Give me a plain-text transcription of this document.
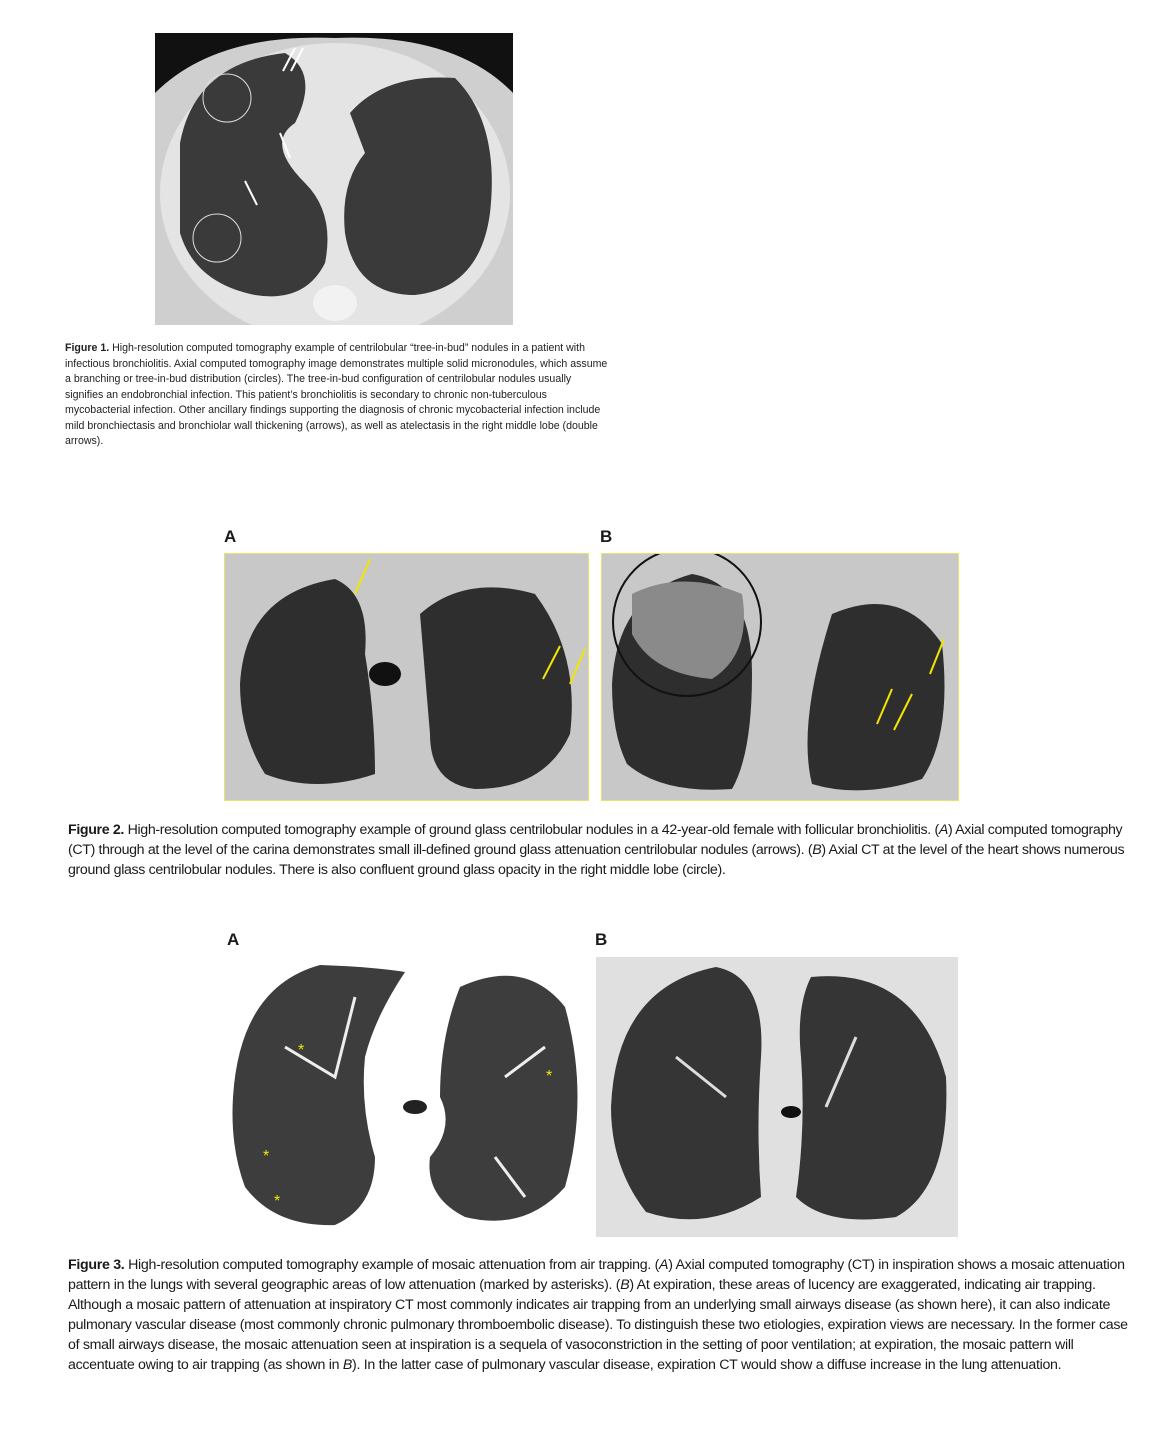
Figure 1. High-resolution computed tomography example of centrilobular “tree-in-bud” nodules in a patient with infectious bronchiolitis. Axial computed tomography image demonstrates multiple solid micronodules, which assume a branching or tree-in-bud distribution (circles). The tree-in-bud configuration of centrilobular nodules usually signifies an endobronchial infection. This patient’s bronchiolitis is secondary to chronic non-tuberculous mycobacterial infection. Other ancillary findings supporting the diagnosis of chronic mycobacterial infection include mild bronchiectasis and bronchiolar wall thickening (arrows), as well as atelectasis in the right middle lobe (double arrows).
A	B
Figure 2. High-resolution computed tomography example of ground glass centrilobular nodules in a 42-year-old female with follicular bronchiolitis. (A) Axial computed tomography (CT) through at the level of the carina demonstrates small ill-defined ground glass attenuation centrilobular nodules (arrows). (B) Axial CT at the level of the heart shows numerous ground glass centrilobular nodules. There is also confluent ground glass opacity in the right middle lobe (circle).
A	B
*
*
*
*
Figure 3. High-resolution computed tomography example of mosaic attenuation from air trapping. (A) Axial computed tomography (CT) in inspiration shows a mosaic attenuation pattern in the lungs with several geographic areas of low attenuation (marked by asterisks). (B) At expiration, these areas of lucency are exaggerated, indicating air trapping. Although a mosaic pattern of attenuation at inspiratory CT most commonly indicates air trapping from an underlying small airways disease (as shown here), it can also indicate pulmonary vascular disease (most commonly chronic pulmonary thromboembolic disease). To distinguish these two etiologies, expiration views are necessary. In the former case of small airways disease, the mosaic attenuation seen at inspiration is a sequela of vasoconstriction in the setting of poor ventilation; at expiration, the mosaic pattern will accentuate owing to air trapping (as shown in B). In the latter case of pulmonary vascular disease, expiration CT would show a diffuse increase in the lung attenuation.
